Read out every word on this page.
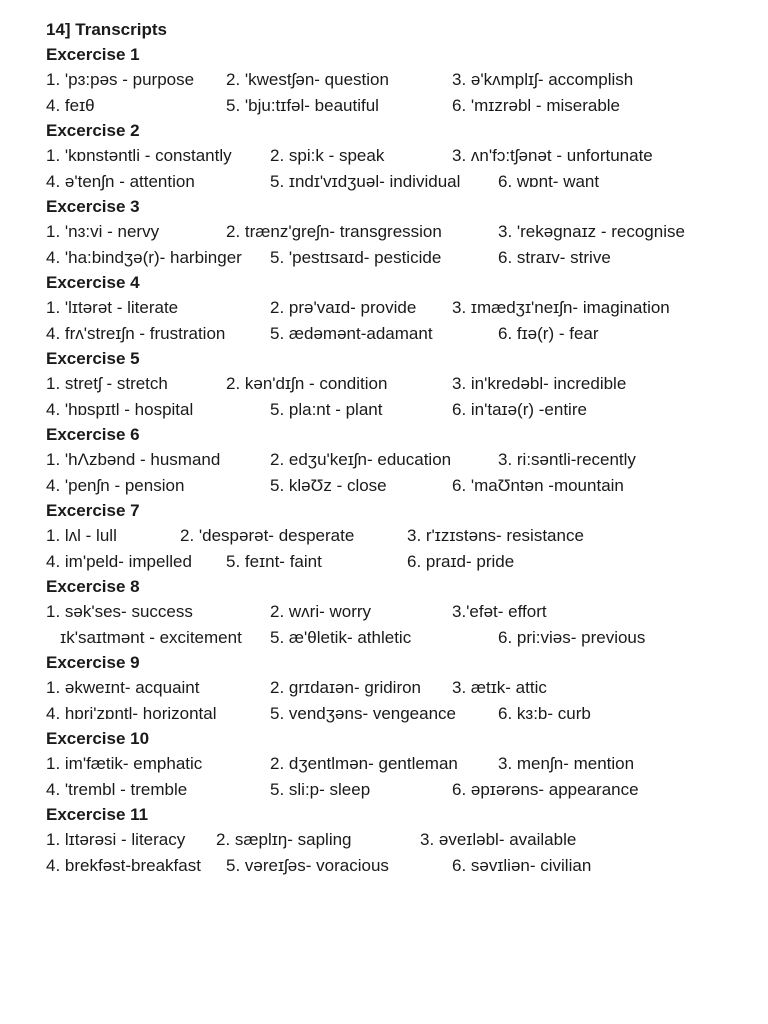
14] Transcripts
Excercise 1
1. 'pɜ:pəs - purpose 2. 'kwestʃən- question	3. ə'kʌmplɪʃ- accomplish
4. feɪθ	5. 'bju:tɪfəl- beautiful	6. 'mɪzrəbl - miserable
Excercise 2
1. 'kɒnstəntli - constantly 2. spi:k - speak	3. ʌn'fɔ:tʃənət - unfortunate
4. ə'tenʃn - attention	5. ɪndɪ'vɪdʒuəl- individual 6. wɒnt- want
Excercise 3
1. 'nɜ:vi - nervy	2. trænz'greʃn- transgression	3. 'rekəgnaɪz - recognise
4. 'ha:bindʒə(r)- harbinger 5. 'pestɪsaɪd- pesticide	6. straɪv- strive
Excercise 4
1. 'lɪtərət - literate	2. prə'vaɪd- provide 3. ɪmædʒɪ'neɪʃn- imagination
4. frʌ'streɪʃn - frustration	5. ædəmənt-adamant	6. fɪə(r) - fear
Excercise 5
1. stretʃ - stretch	2. kən'dɪʃn - condition	3. in'kredəbl- incredible
4. 'hɒspɪtl - hospital	5. pla:nt - plant	6. in'taɪə(r) -entire
Excercise 6
1. 'hɅzbənd - husmand	2. edʒu'keɪʃn- education	3. ri:səntli-recently
4. 'penʃn - pension	5. kləƱz - close	6. 'maƱntən -mountain
Excercise 7
1. lʌl - lull	2. 'despərət- desperate	3. r'ɪzɪstəns- resistance
4. im'peld- impelled 5. feɪnt- faint	6. praɪd- pride
Excercise 8
1. sək'ses- success	2. wʌri- worry	3.'efət- effort
ɪk'saɪtmənt - excitement 5. æ'θletik- athletic	6. pri:viəs- previous
Excercise 9
1. əkweɪnt- acquaint	2. grɪdaɪən- gridiron 3. ætɪk- attic
4. hɒri'zɒntl- horizontal	5. vendʒəns- vengeance 6. kɜ:b- curb
Excercise 10
1. im'fætik- emphatic	2. dʒentlmən- gentleman 3. menʃn- mention
4. 'trembl - tremble	5. sli:p- sleep	6. əpɪərəns- appearance
Excercise 11
1. lɪtərəsi - literacy 2. sæplɪŋ- sapling	3. əveɪləbl- available
4. brekfəst-breakfast 5. vəreɪʃəs- voracious	6. səvɪliən- civilian
